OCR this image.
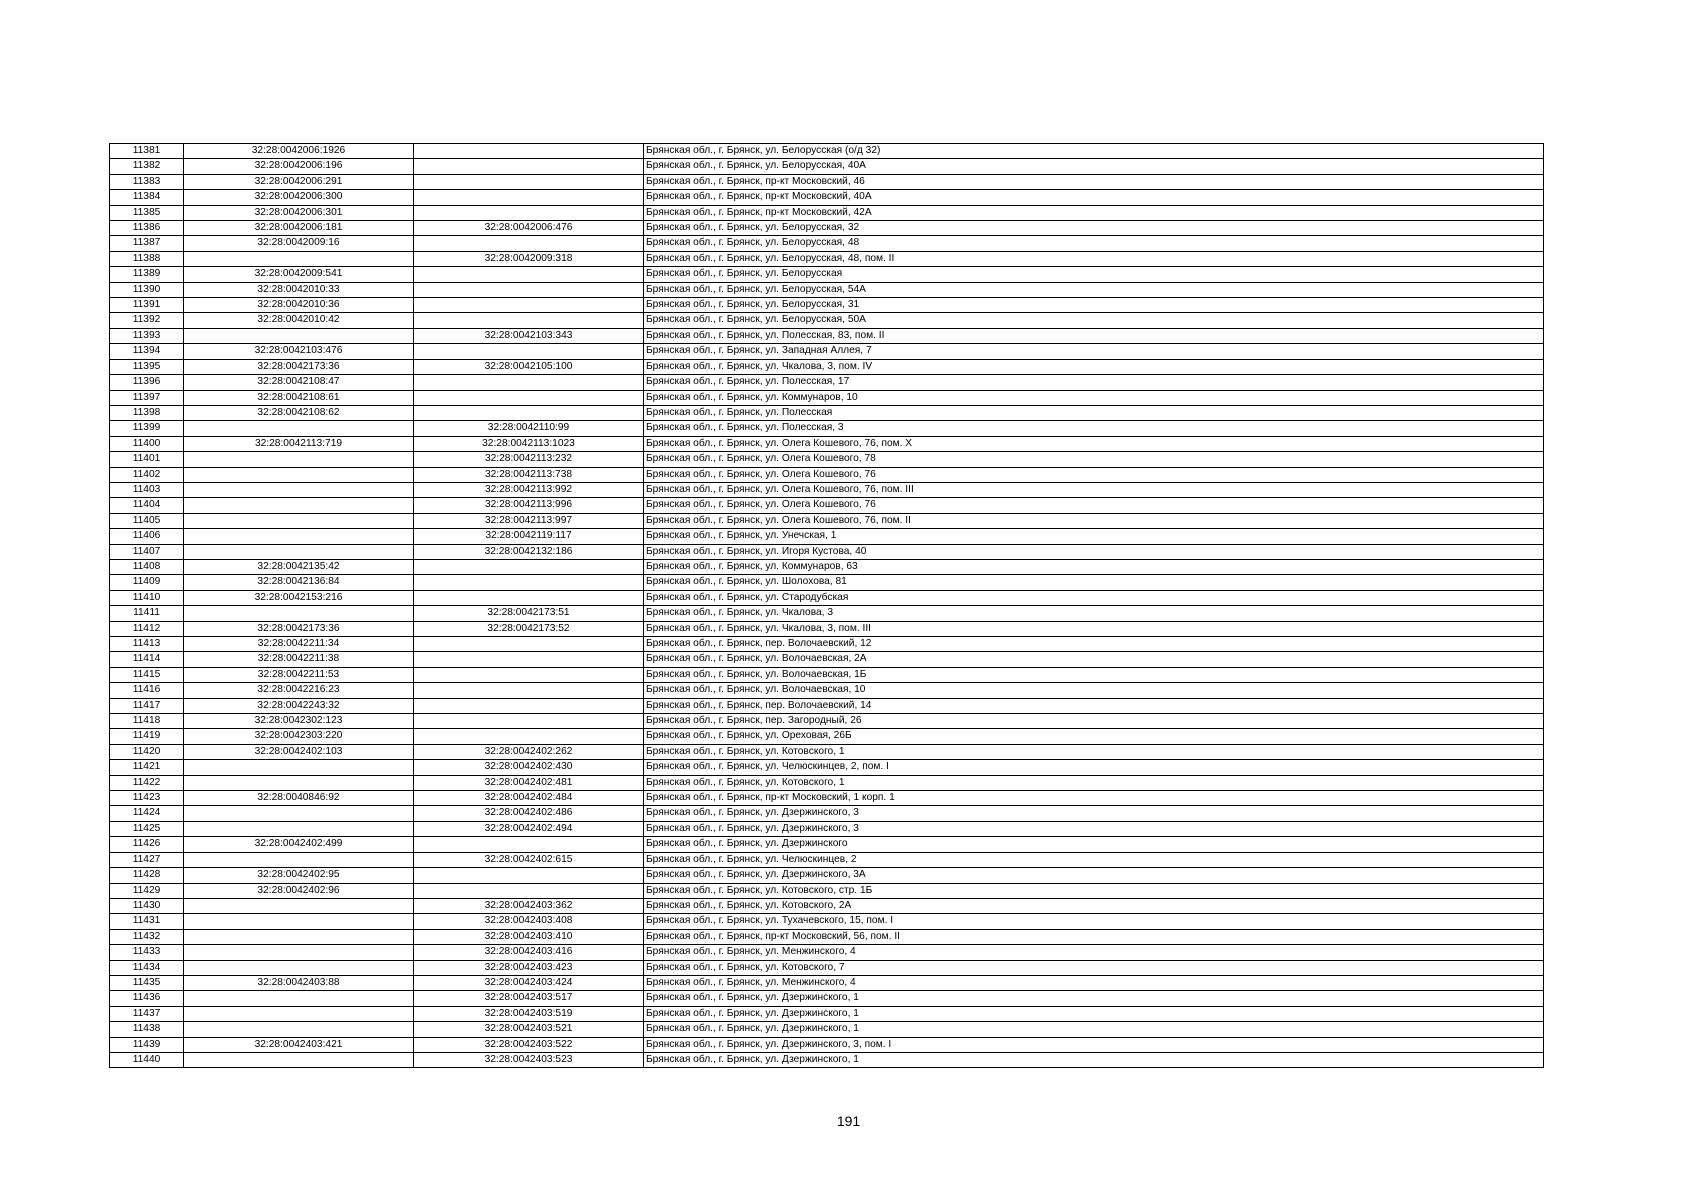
11381	32:28:0042006:1926		Брянская обл., г. Брянск, ул. Белорусская (о/д 32)
11382	32:28:0042006:196		Брянская обл., г. Брянск, ул. Белорусская, 40А
11383	32:28:0042006:291		Брянская обл., г. Брянск, пр-кт Московский, 46
11384	32:28:0042006:300		Брянская обл., г. Брянск, пр-кт Московский, 40А
11385	32:28:0042006:301		Брянская обл., г. Брянск, пр-кт Московский, 42А
11386	32:28:0042006:181	32:28:0042006:476	Брянская обл., г. Брянск, ул. Белорусская, 32
11387	32:28:0042009:16		Брянская обл., г. Брянск, ул. Белорусская, 48
11388		32:28:0042009:318	Брянская обл., г. Брянск, ул. Белорусская, 48, пом. II
11389	32:28:0042009:541		Брянская обл., г. Брянск, ул. Белорусская
11390	32:28:0042010:33		Брянская обл., г. Брянск, ул. Белорусская, 54А
11391	32:28:0042010:36		Брянская обл., г. Брянск, ул. Белорусская, 31
11392	32:28:0042010:42		Брянская обл., г. Брянск, ул. Белорусская, 50А
11393		32:28:0042103:343	Брянская обл., г. Брянск, ул. Полесская, 83, пом. II
11394	32:28:0042103:476		Брянская обл., г. Брянск, ул. Западная Аллея, 7
11395	32:28:0042173:36	32:28:0042105:100	Брянская обл., г. Брянск, ул. Чкалова, 3, пом. IV
11396	32:28:0042108:47		Брянская обл., г. Брянск, ул. Полесская, 17
11397	32:28:0042108:61		Брянская обл., г. Брянск, ул. Коммунаров, 10
11398	32:28:0042108:62		Брянская обл., г. Брянск, ул. Полесская
11399		32:28:0042110:99	Брянская обл., г. Брянск, ул. Полесская, 3
11400	32:28:0042113:719	32:28:0042113:1023	Брянская обл., г. Брянск, ул. Олега Кошевого, 76, пом. X
11401		32:28:0042113:232	Брянская обл., г. Брянск, ул. Олега Кошевого, 78
11402		32:28:0042113:738	Брянская обл., г. Брянск, ул. Олега Кошевого, 76
11403		32:28:0042113:992	Брянская обл., г. Брянск, ул. Олега Кошевого, 76, пом. III
11404		32:28:0042113:996	Брянская обл., г. Брянск, ул. Олега Кошевого, 76
11405		32:28:0042113:997	Брянская обл., г. Брянск, ул. Олега Кошевого, 76, пом. II
11406		32:28:0042119:117	Брянская обл., г. Брянск, ул. Унечская, 1
11407		32:28:0042132:186	Брянская обл., г. Брянск, ул. Игоря Кустова, 40
11408	32:28:0042135:42		Брянская обл., г. Брянск, ул. Коммунаров, 63
11409	32:28:0042136:84		Брянская обл., г. Брянск, ул. Шолохова, 81
11410	32:28:0042153:216		Брянская обл., г. Брянск, ул. Стародубская
11411		32:28:0042173:51	Брянская обл., г. Брянск, ул. Чкалова, 3
11412	32:28:0042173:36	32:28:0042173:52	Брянская обл., г. Брянск, ул. Чкалова, 3, пом. III
11413	32:28:0042211:34		Брянская обл., г. Брянск, пер. Волочаевский, 12
11414	32:28:0042211:38		Брянская обл., г. Брянск, ул. Волочаевская, 2А
11415	32:28:0042211:53		Брянская обл., г. Брянск, ул. Волочаевская, 1Б
11416	32:28:0042216:23		Брянская обл., г. Брянск, ул. Волочаевская, 10
11417	32:28:0042243:32		Брянская обл., г. Брянск, пер. Волочаевский, 14
11418	32:28:0042302:123		Брянская обл., г. Брянск, пер. Загородный, 26
11419	32:28:0042303:220		Брянская обл., г. Брянск, ул. Ореховая, 26Б
11420	32:28:0042402:103	32:28:0042402:262	Брянская обл., г. Брянск, ул. Котовского, 1
11421		32:28:0042402:430	Брянская обл., г. Брянск, ул. Челюскинцев, 2, пом. I
11422		32:28:0042402:481	Брянская обл., г. Брянск, ул. Котовского, 1
11423	32:28:0040846:92	32:28:0042402:484	Брянская обл., г. Брянск, пр-кт Московский, 1 корп. 1
11424		32:28:0042402:486	Брянская обл., г. Брянск, ул. Дзержинского, 3
11425		32:28:0042402:494	Брянская обл., г. Брянск, ул. Дзержинского, 3
11426	32:28:0042402:499		Брянская обл., г. Брянск, ул. Дзержинского
11427		32:28:0042402:615	Брянская обл., г. Брянск, ул. Челюскинцев, 2
11428	32:28:0042402:95		Брянская обл., г. Брянск, ул. Дзержинского, 3А
11429	32:28:0042402:96		Брянская обл., г. Брянск, ул. Котовского, стр. 1Б
11430		32:28:0042403:362	Брянская обл., г. Брянск, ул. Котовского, 2А
11431		32:28:0042403:408	Брянская обл., г. Брянск, ул. Тухачевского, 15, пом. I
11432		32:28:0042403:410	Брянская обл., г. Брянск, пр-кт Московский, 56, пом. II
11433		32:28:0042403:416	Брянская обл., г. Брянск, ул. Менжинского, 4
11434		32:28:0042403:423	Брянская обл., г. Брянск, ул. Котовского, 7
11435	32:28:0042403:88	32:28:0042403:424	Брянская обл., г. Брянск, ул. Менжинского, 4
11436		32:28:0042403:517	Брянская обл., г. Брянск, ул. Дзержинского, 1
11437		32:28:0042403:519	Брянская обл., г. Брянск, ул. Дзержинского, 1
11438		32:28:0042403:521	Брянская обл., г. Брянск, ул. Дзержинского, 1
11439	32:28:0042403:421	32:28:0042403:522	Брянская обл., г. Брянск, ул. Дзержинского, 3, пом. I
11440		32:28:0042403:523	Брянская обл., г. Брянск, ул. Дзержинского, 1
191
